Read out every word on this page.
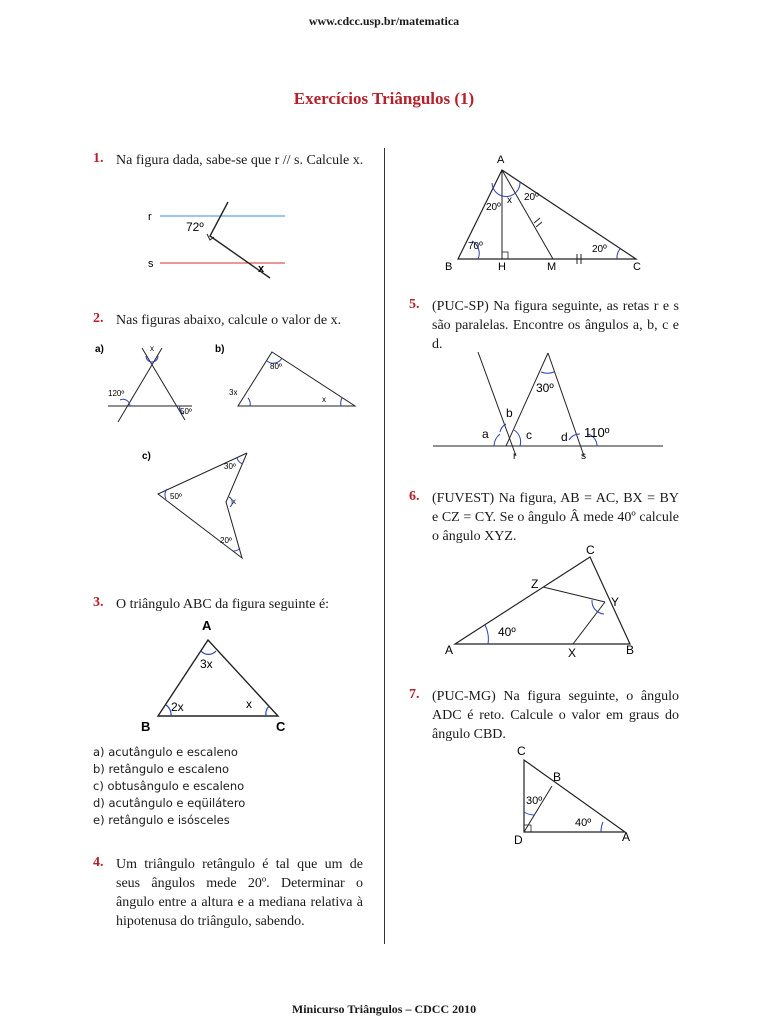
www.cdcc.usp.br/matematica
Exercícios Triângulos (1)
1. Na figura dada, sabe-se que r // s. Calcule x.
r
s
72º
x
2. Nas figuras abaixo, calcule o valor de x.
a)	x
120º
50º
b)
80º
3x
x
c)
30º
50º
x
20º
3. O triângulo ABC da figura seguinte é:
A
B	C
3x
2x	x
a) acutângulo e escaleno
b) retângulo e escaleno
c) obtusângulo e escaleno
d) acutângulo e eqüilátero
e) retângulo e isósceles
4. Um triângulo retângulo é tal que um de seus ângulos mede 20º. Determinar o ângulo entre a altura e a mediana relativa à hipotenusa do triângulo, sabendo.
A
B	H	M	C
20º
x 20º
70º	20º
5. (PUC-SP) Na figura seguinte, as retas r e s são paralelas. Encontre os ângulos a, b, c e d.
30º
b
a	c d 110º
r	s
6. (FUVEST) Na figura, AB = AC, BX = BY e CZ = CY. Se o ângulo Â mede 40º calcule o ângulo XYZ.
C
Z
Y
A
40º
X	B
7. (PUC-MG) Na figura seguinte, o ângulo ADC é reto. Calcule o valor em graus do ângulo CBD.
C
B
30º
40º
D	A
Minicurso Triângulos – CDCC 2010
